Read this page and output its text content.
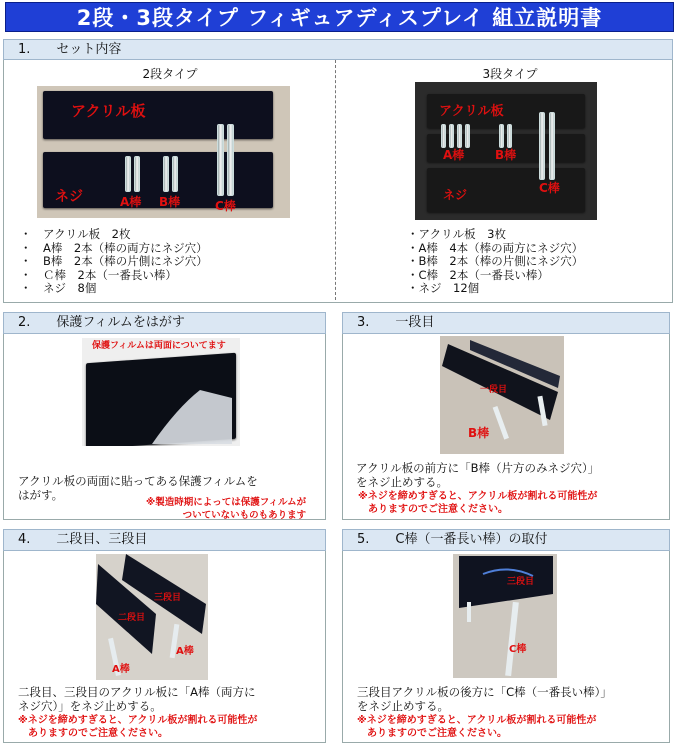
2段・3段タイプ フィギュアディスプレイ 組立説明書
1.　　セット内容
2段タイプ
アクリル板
ネジ	A棒 B棒	C棒
・　アクリル板　2枚
・　A棒　2本（棒の両方にネジ穴）
・　B棒　2本（棒の片側にネジ穴）
・　Ｃ棒　2本（一番長い棒）
・　ネジ　8個
3段タイプ
アクリル板
A棒	B棒
ネジ	C棒
・アクリル板　3枚
・A棒　4本（棒の両方にネジ穴）
・B棒　2本（棒の片側にネジ穴）
・C棒　2本（一番長い棒）
・ネジ　12個
2.　　保護フィルムをはがす
保護フィルムは両面についてます
アクリル板の両面に貼ってある保護フィルムを
はがす。
※製造時期によっては保護フィルムが
ついていないものもあります
3.　　一段目
一段目
B棒
アクリル板の前方に「B棒（片方のみネジ穴）」
をネジ止めする。
※ネジを締めすぎると、アクリル板が割れる可能性が
　ありますのでご注意ください。
4.　　二段目、三段目
三段目
二段目
A棒
A棒
二段目、三段目のアクリル板に「A棒（両方に
ネジ穴）」をネジ止めする。
※ネジを締めすぎると、アクリル板が割れる可能性が
　ありますのでご注意ください。
5.　　C棒（一番長い棒）の取付
三段目
C棒
三段目アクリル板の後方に「C棒（一番長い棒）」
をネジ止めする。
※ネジを締めすぎると、アクリル板が割れる可能性が
　ありますのでご注意ください。
